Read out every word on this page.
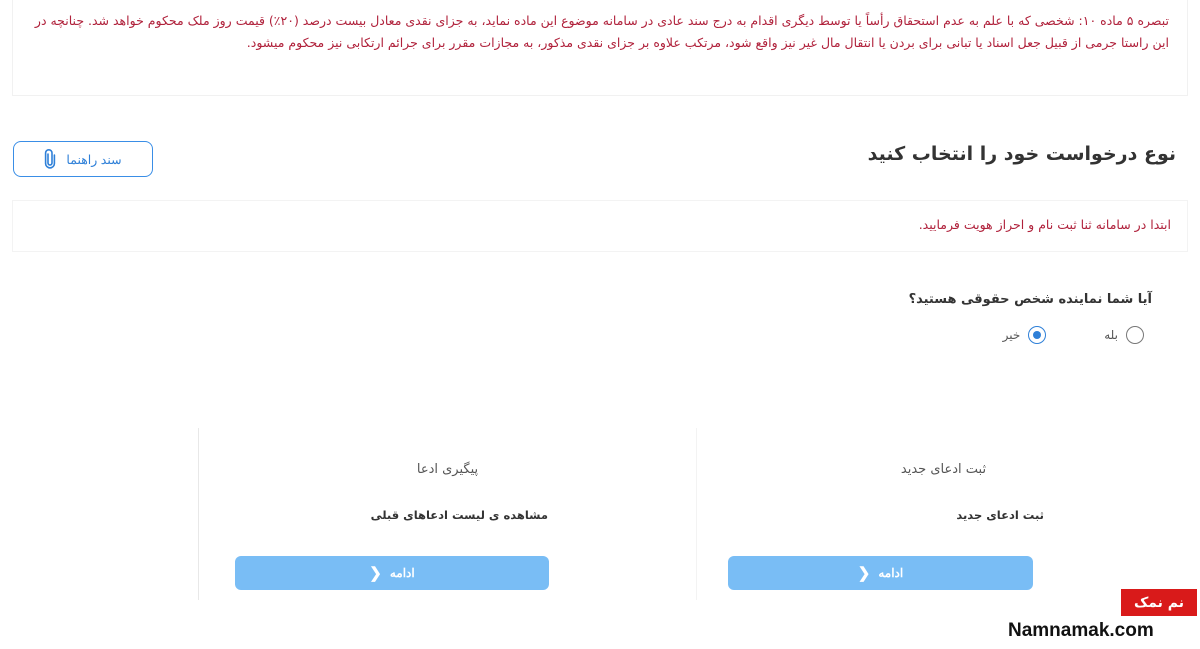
تبصره ۵ ماده ۱۰: شخصی که با علم به عدم استحقاق رأساً یا توسط دیگری اقدام به درج سند عادی در سامانه موضوع این ماده نماید، به جزای نقدی معادل بیست درصد (۲۰٪) قیمت روز ملک محکوم خواهد شد. چنانچه در این راستا جرمی از قبیل جعل اسناد یا تبانی برای بردن یا انتقال مال غیر نیز واقع شود، مرتکب علاوه بر جزای نقدی مذکور، به مجازات مقرر برای جرائم ارتکابی نیز محکوم میشود.

سند راهنما	نوع درخواست خود را انتخاب کنید

ابتدا در سامانه ثنا ثبت نام و احراز هویت فرمایید.

آیا شما نماینده شخص حقوقی هستید؟
بله
خیر
پیگیری ادعا
مشاهده ی لیست ادعاهای قبلی
ادامه
❮
ثبت ادعای جدید
ثبت ادعای جدید
ادامه
❮
نم نمک
Namnamak.com
